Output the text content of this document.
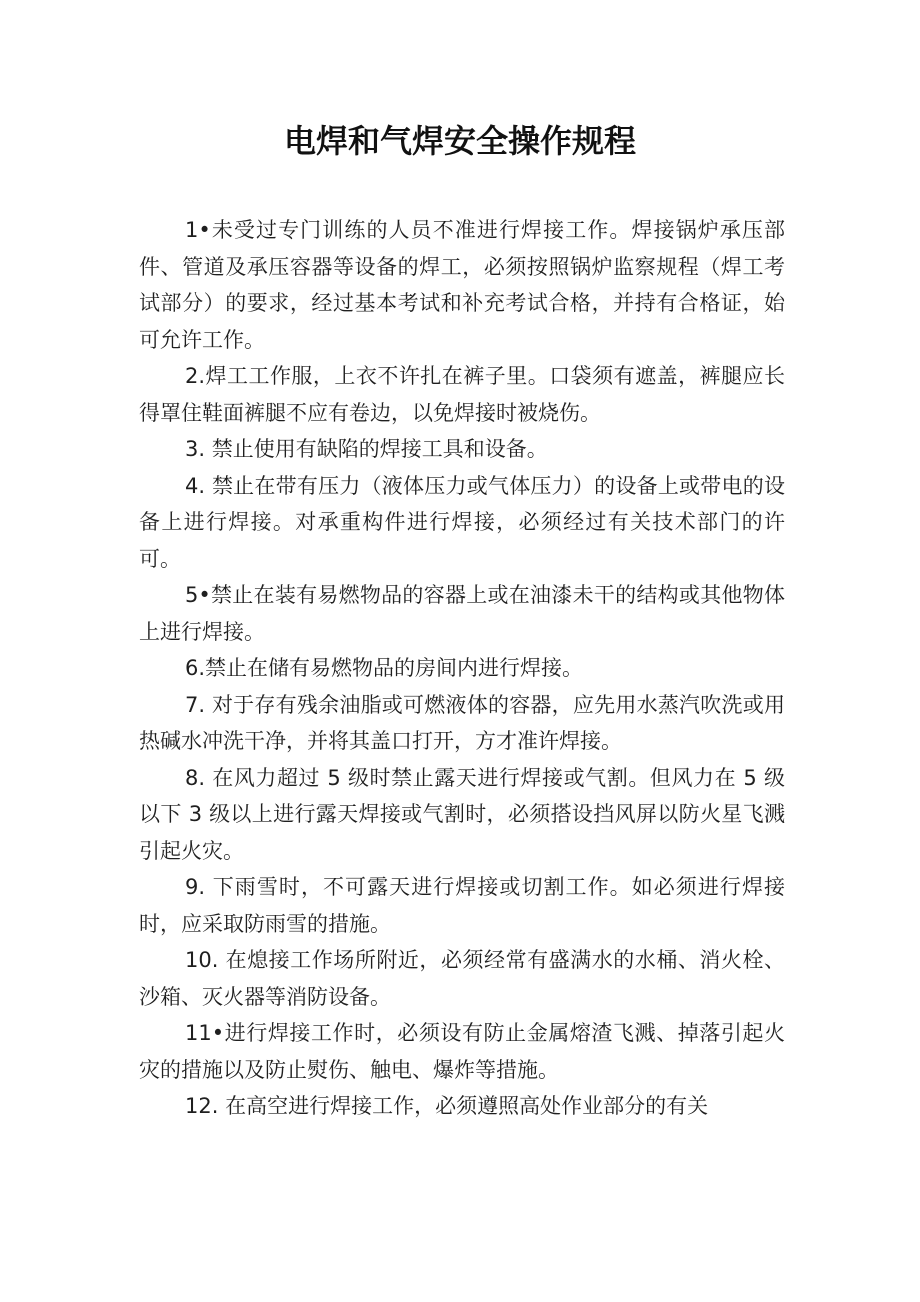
电焊和气焊安全操作规程

1•未受过专门训练的人员不准进行焊接工作。焊接锅炉承压部件、管道及承压容器等设备的焊工，必须按照锅炉监察规程（焊工考试部分）的要求，经过基本考试和补充考试合格，并持有合格证，始可允许工作。

2.焊工工作服，上衣不许扎在裤子里。口袋须有遮盖，裤腿应长得罩住鞋面裤腿不应有卷边，以免焊接时被烧伤。

3. 禁止使用有缺陷的焊接工具和设备。

4. 禁止在带有压力（液体压力或气体压力）的设备上或带电的设备上进行焊接。对承重构件进行焊接，必须经过有关技术部门的许可。

5•禁止在装有易燃物品的容器上或在油漆未干的结构或其他物体上进行焊接。

6.禁止在储有易燃物品的房间内进行焊接。

7. 对于存有残余油脂或可燃液体的容器，应先用水蒸汽吹洗或用热碱水冲洗干净，并将其盖口打开，方才准许焊接。

8. 在风力超过 5 级时禁止露天进行焊接或气割。但风力在 5 级以下 3 级以上进行露天焊接或气割时，必须搭设挡风屏以防火星飞溅引起火灾。

9. 下雨雪时，不可露天进行焊接或切割工作。如必须进行焊接时，应采取防雨雪的措施。

10. 在熄接工作场所附近，必须经常有盛满水的水桶、消火栓、沙箱、灭火器等消防设备。

11•进行焊接工作时，必须设有防止金属熔渣飞溅、掉落引起火灾的措施以及防止熨伤、触电、爆炸等措施。

12. 在高空进行焊接工作，必须遵照高处作业部分的有关
